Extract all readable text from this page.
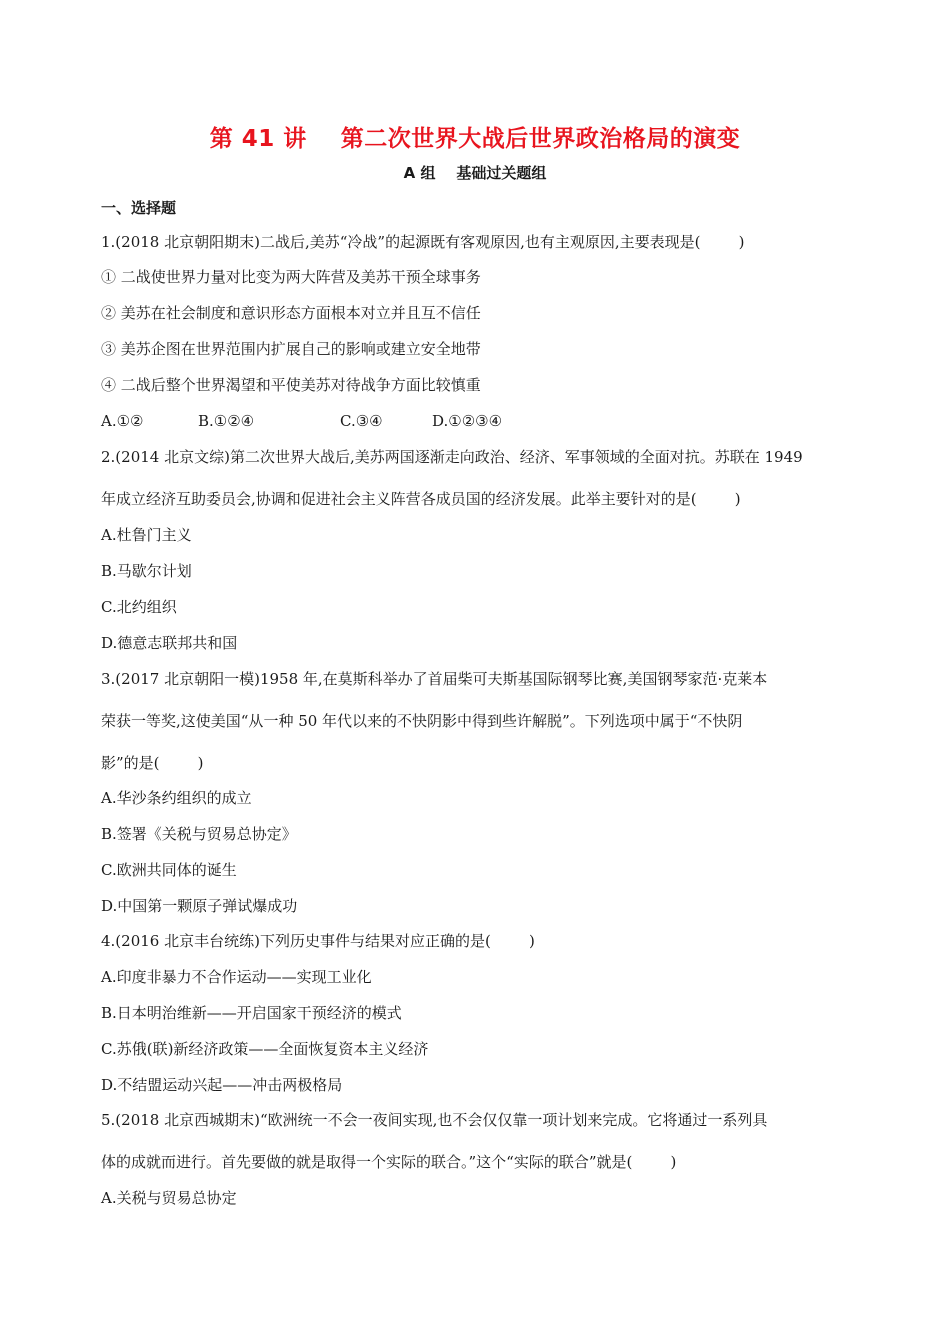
第 41 讲    第二次世界大战后世界政治格局的演变
A 组    基础过关题组
一、选择题
1.(2018 北京朝阳期末)二战后,美苏“冷战”的起源既有客观原因,也有主观原因,主要表现是(        )
① 二战使世界力量对比变为两大阵营及美苏干预全球事务
② 美苏在社会制度和意识形态方面根本对立并且互不信任
③ 美苏企图在世界范围内扩展自己的影响或建立安全地带
④ 二战后整个世界渴望和平使美苏对待战争方面比较慎重
A.①②	B.①②④	C.③④	D.①②③④
2.(2014 北京文综)第二次世界大战后,美苏两国逐渐走向政治、经济、军事领域的全面对抗。苏联在 1949
年成立经济互助委员会,协调和促进社会主义阵营各成员国的经济发展。此举主要针对的是(        )
A.杜鲁门主义
B.马歇尔计划
C.北约组织
D.德意志联邦共和国
3.(2017 北京朝阳一模)1958 年,在莫斯科举办了首届柴可夫斯基国际钢琴比赛,美国钢琴家范·克莱本
荣获一等奖,这使美国“从一种 50 年代以来的不快阴影中得到些许解脱”。下列选项中属于“不快阴
影”的是(        )
A.华沙条约组织的成立
B.签署《关税与贸易总协定》
C.欧洲共同体的诞生
D.中国第一颗原子弹试爆成功
4.(2016 北京丰台统练)下列历史事件与结果对应正确的是(        )
A.印度非暴力不合作运动——实现工业化
B.日本明治维新——开启国家干预经济的模式
C.苏俄(联)新经济政策——全面恢复资本主义经济
D.不结盟运动兴起——冲击两极格局
5.(2018 北京西城期末)“欧洲统一不会一夜间实现,也不会仅仅靠一项计划来完成。它将通过一系列具
体的成就而进行。首先要做的就是取得一个实际的联合。”这个“实际的联合”就是(        )
A.关税与贸易总协定
